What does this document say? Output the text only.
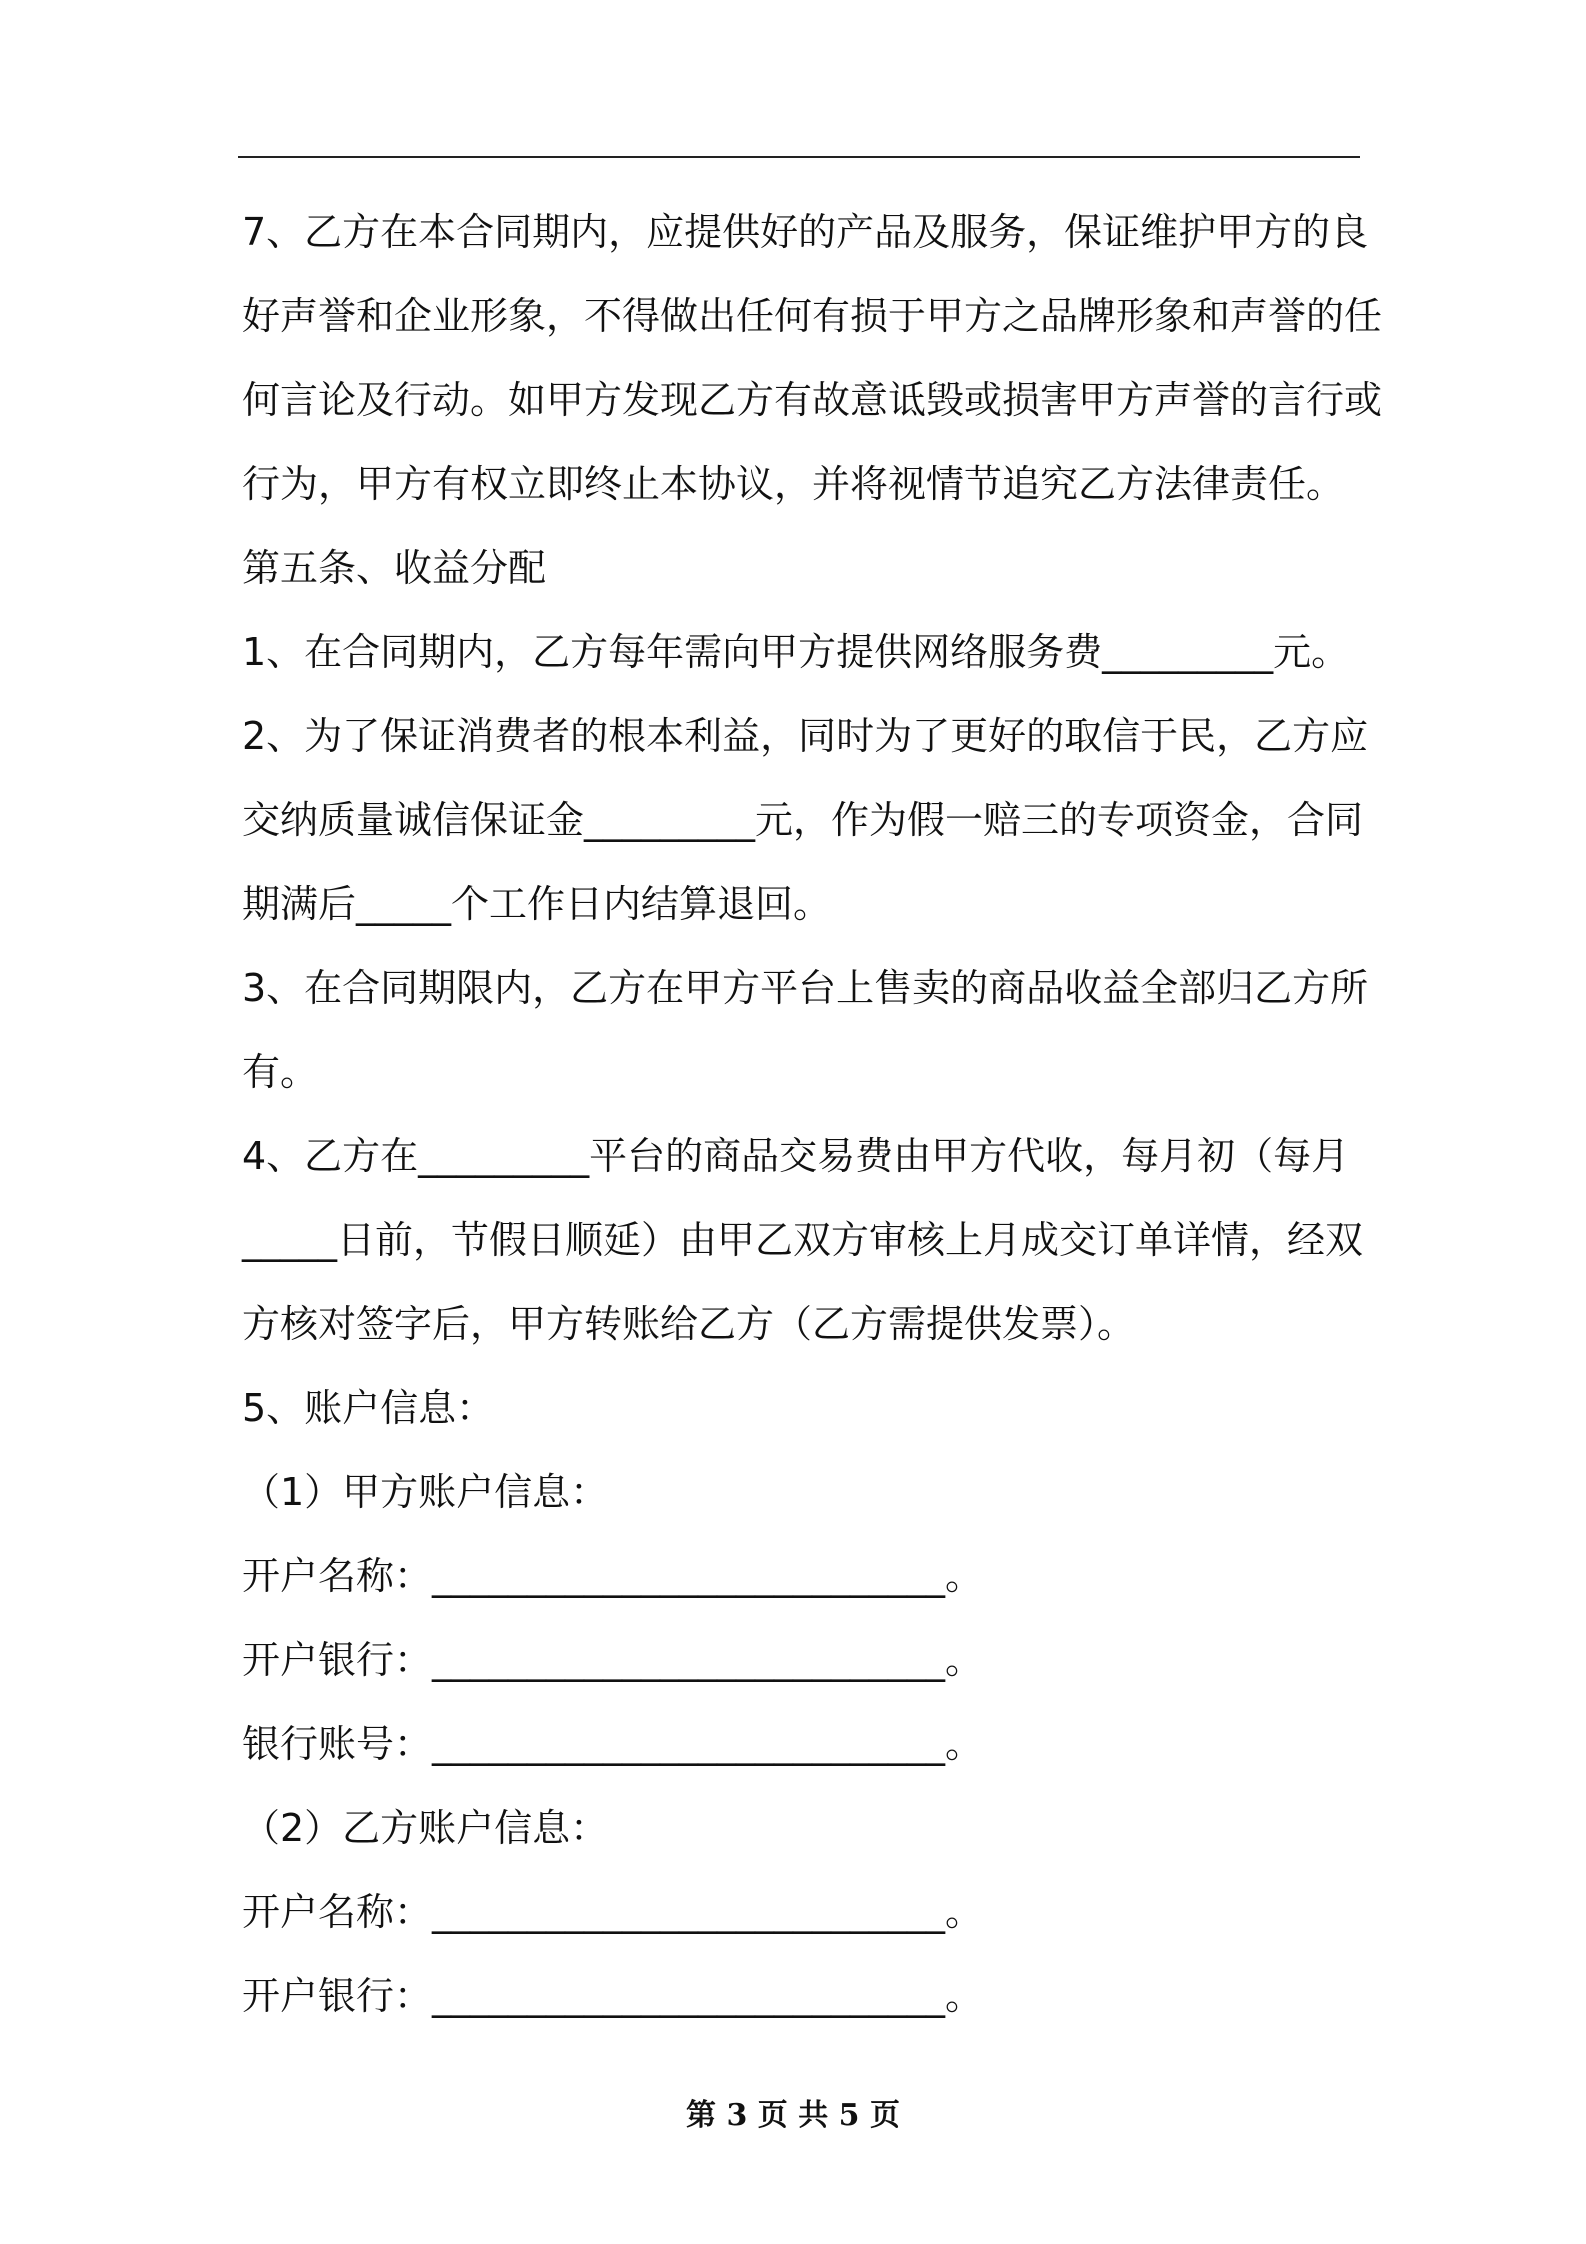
7、乙方在本合同期内，应提供好的产品及服务，保证维护甲方的良

好声誉和企业形象，不得做出任何有损于甲方之品牌形象和声誉的任

何言论及行动。如甲方发现乙方有故意诋毁或损害甲方声誉的言行或

行为，甲方有权立即终止本协议，并将视情节追究乙方法律责任。

第五条、收益分配

1、在合同期内，乙方每年需向甲方提供网络服务费_________元。

2、为了保证消费者的根本利益，同时为了更好的取信于民，乙方应

交纳质量诚信保证金_________元，作为假一赔三的专项资金，合同

期满后_____个工作日内结算退回。

3、在合同期限内，乙方在甲方平台上售卖的商品收益全部归乙方所

有。

4、乙方在_________平台的商品交易费由甲方代收，每月初（每月

_____日前，节假日顺延）由甲乙双方审核上月成交订单详情，经双

方核对签字后，甲方转账给乙方（乙方需提供发票）。

5、账户信息：

（1）甲方账户信息：

开户名称：___________________________。

开户银行：___________________________。

银行账号：___________________________。

（2）乙方账户信息：

开户名称：___________________________。

开户银行：___________________________。

第 3 页 共 5 页
